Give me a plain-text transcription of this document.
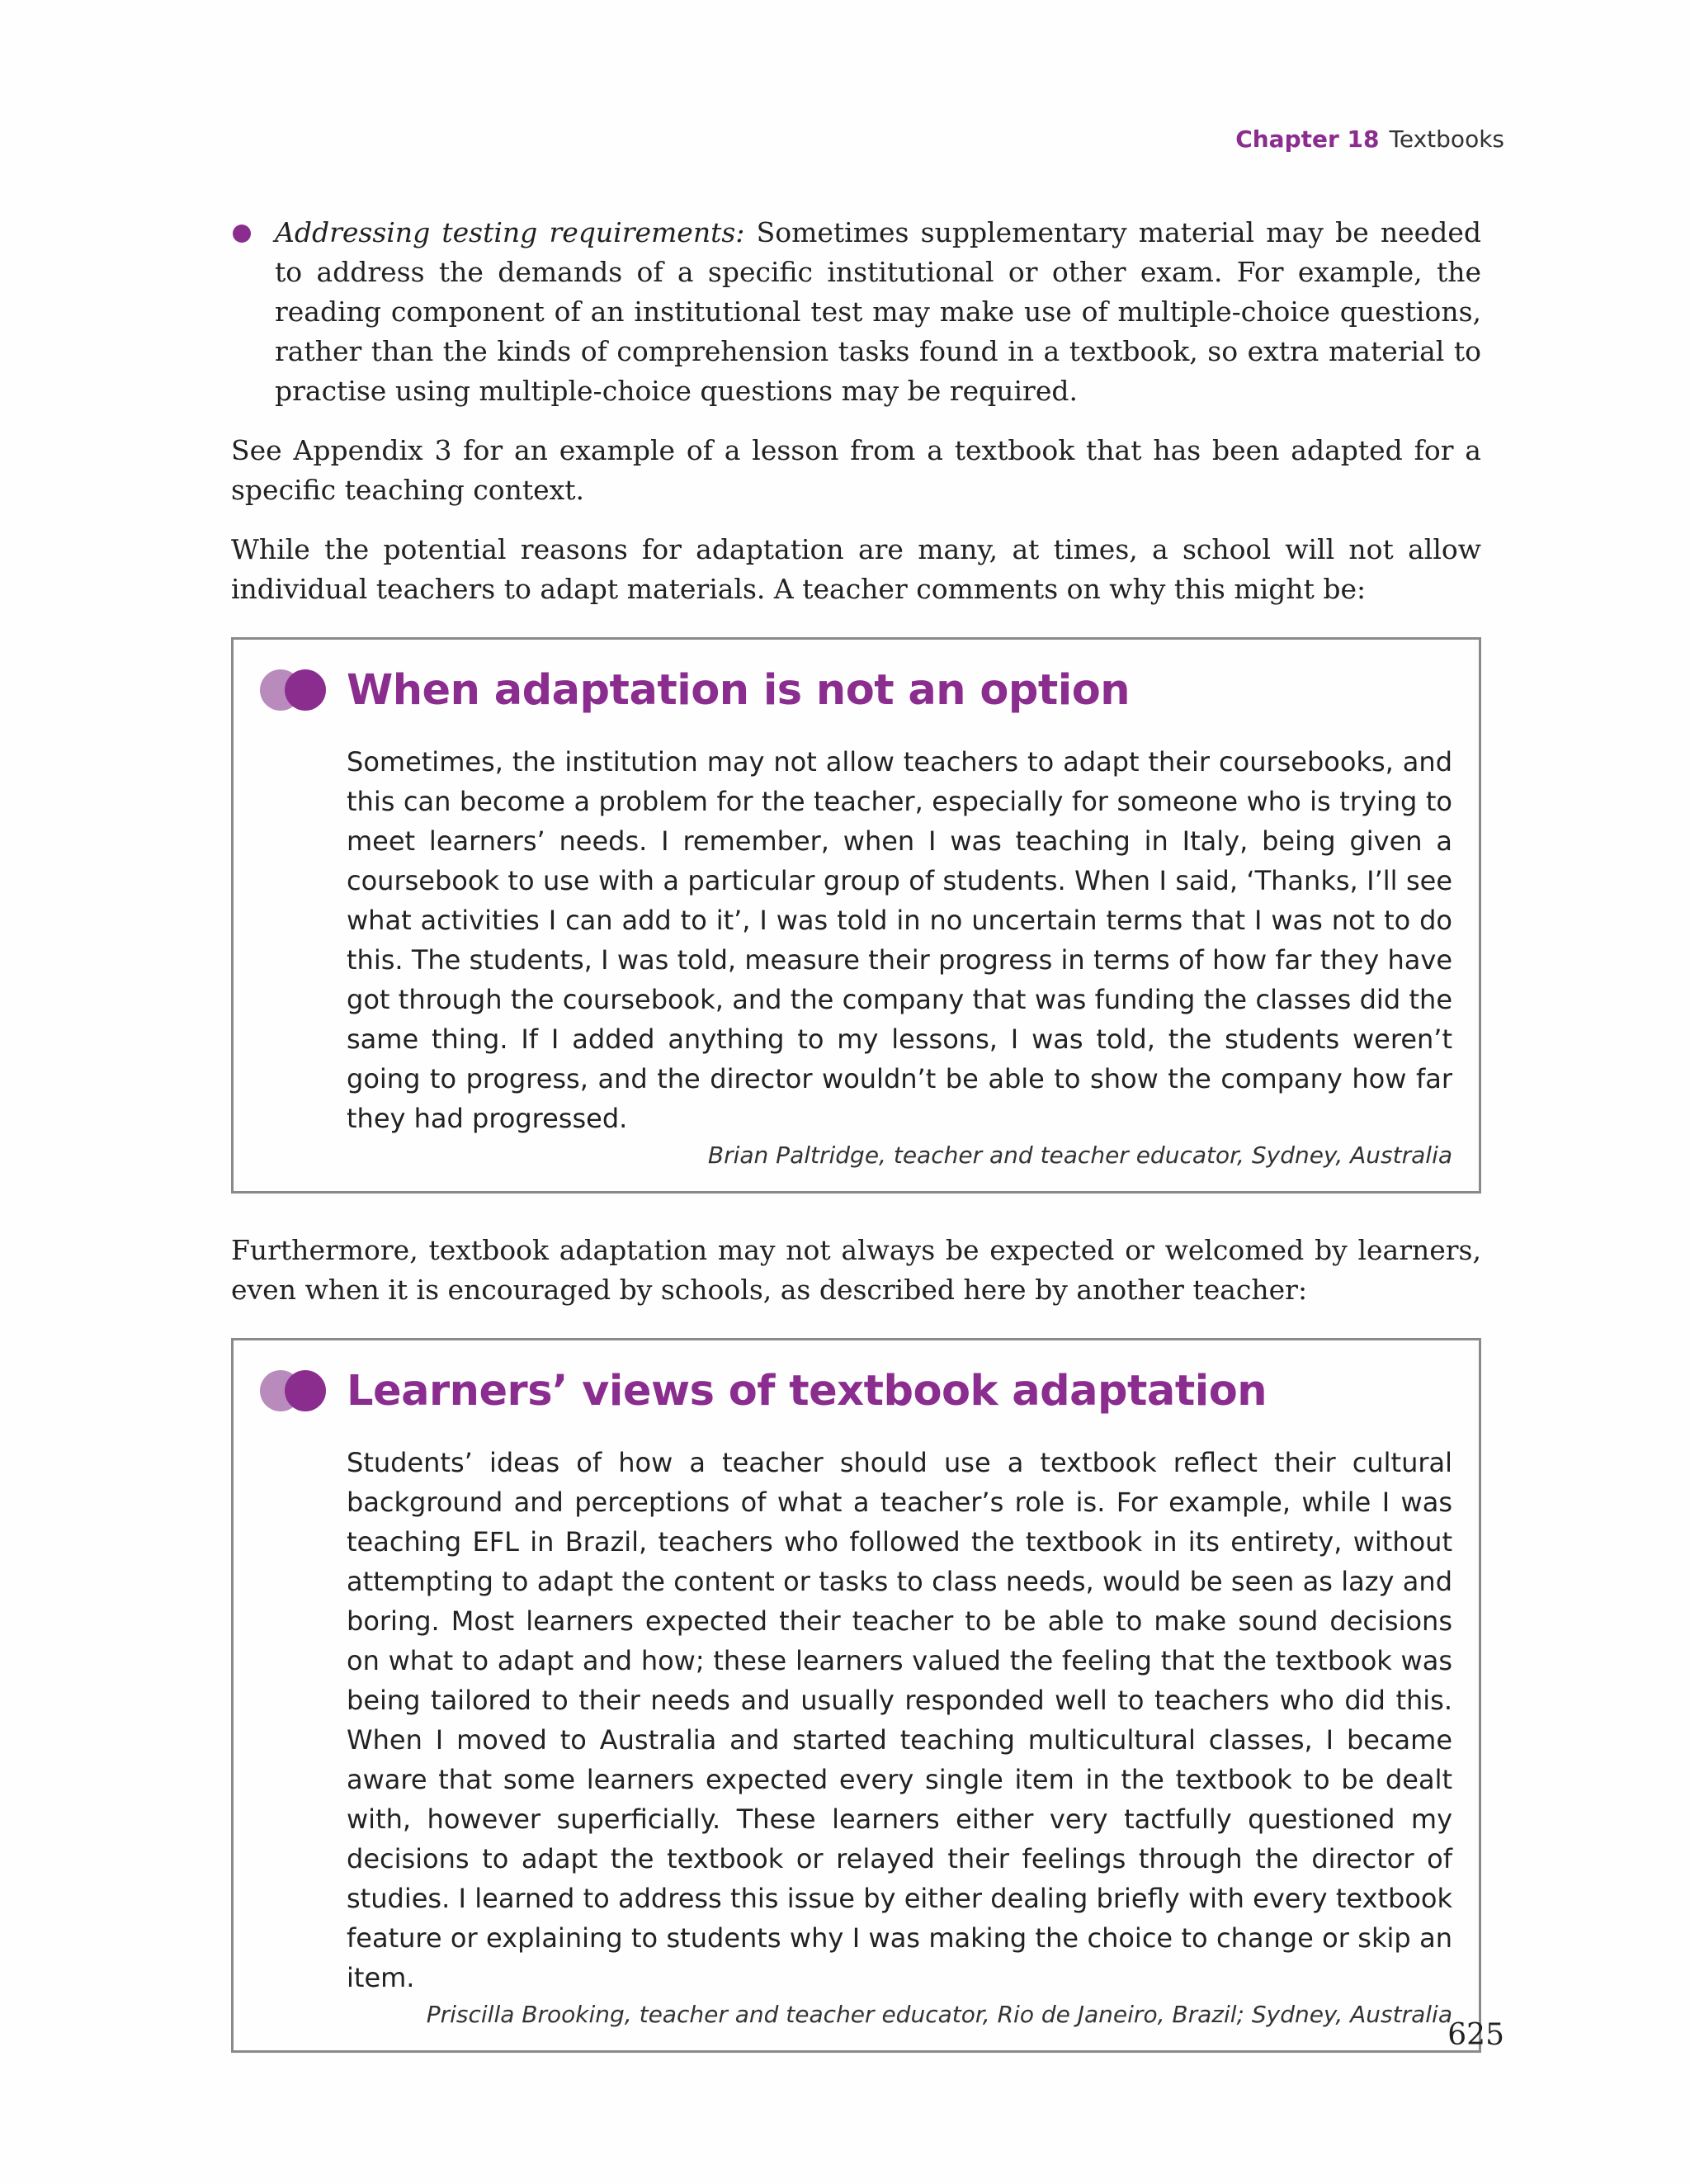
Chapter 18 Textbooks

Addressing testing requirements: Sometimes supplementary material may be needed to address the demands of a specific institutional or other exam. For example, the reading component of an institutional test may make use of multiple-choice questions, rather than the kinds of comprehension tasks found in a textbook, so extra material to practise using multiple-choice questions may be required.

See Appendix 3 for an example of a lesson from a textbook that has been adapted for a specific teaching context.

While the potential reasons for adaptation are many, at times, a school will not allow individual teachers to adapt materials. A teacher comments on why this might be:

When adaptation is not an option
Sometimes, the institution may not allow teachers to adapt their coursebooks, and this can become a problem for the teacher, especially for someone who is trying to meet learners’ needs. I remember, when I was teaching in Italy, being given a coursebook to use with a particular group of students. When I said, ‘Thanks, I’ll see what activities I can add to it’, I was told in no uncertain terms that I was not to do this. The students, I was told, measure their progress in terms of how far they have got through the coursebook, and the company that was funding the classes did the same thing. If I added anything to my lessons, I was told, the students weren’t going to progress, and the director wouldn’t be able to show the company how far they had progressed.
Brian Paltridge, teacher and teacher educator, Sydney, Australia

Furthermore, textbook adaptation may not always be expected or welcomed by learners, even when it is encouraged by schools, as described here by another teacher:

Learners’ views of textbook adaptation
Students’ ideas of how a teacher should use a textbook reflect their cultural background and perceptions of what a teacher’s role is. For example, while I was teaching EFL in Brazil, teachers who followed the textbook in its entirety, without attempting to adapt the content or tasks to class needs, would be seen as lazy and boring. Most learners expected their teacher to be able to make sound decisions on what to adapt and how; these learners valued the feeling that the textbook was being tailored to their needs and usually responded well to teachers who did this. When I moved to Australia and started teaching multicultural classes, I became aware that some learners expected every single item in the textbook to be dealt with, however superficially. These learners either very tactfully questioned my decisions to adapt the textbook or relayed their feelings through the director of studies. I learned to address this issue by either dealing briefly with every textbook feature or explaining to students why I was making the choice to change or skip an item.
Priscilla Brooking, teacher and teacher educator, Rio de Janeiro, Brazil; Sydney, Australia
625
